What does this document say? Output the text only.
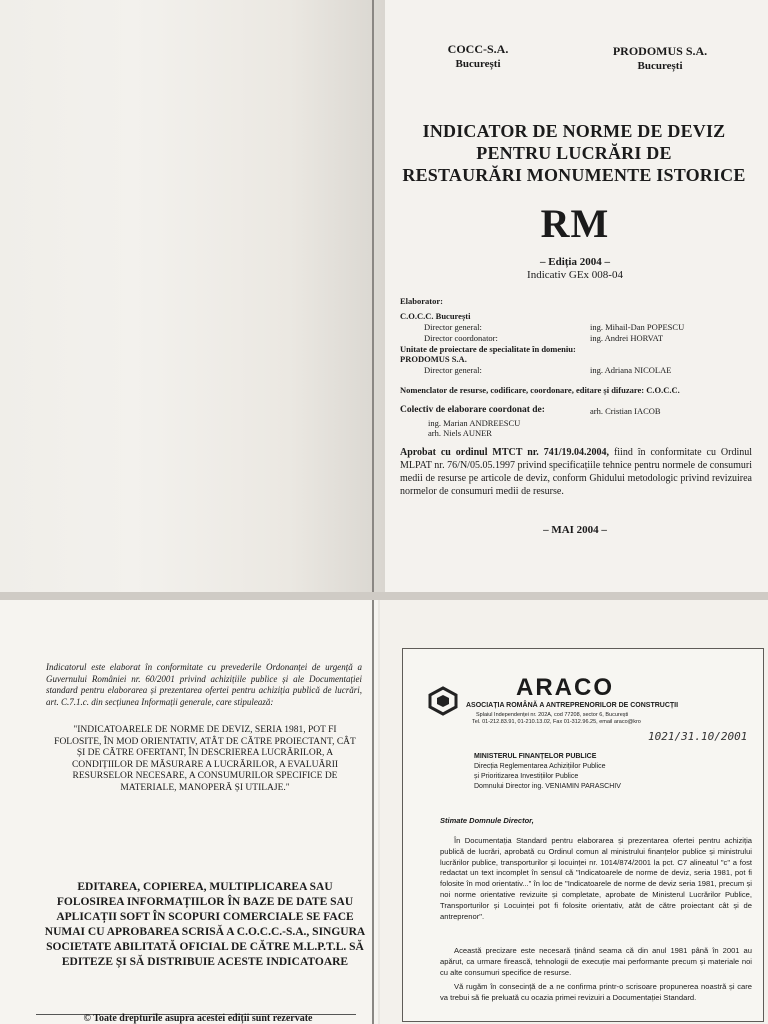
COCC-S.A.
București
PRODOMUS S.A.
București
INDICATOR DE NORME DE DEVIZ
PENTRU LUCRĂRI DE
RESTAURĂRI MONUMENTE ISTORICE
RM
– Ediția 2004 –
Indicativ GEx 008-04
Elaborator:
C.O.C.C. București
Director general:	ing. Mihail-Dan POPESCU
Director coordonator:	ing. Andrei HORVAT
Unitate de proiectare de specialitate în domeniu:
PRODOMUS S.A.
Director general:	ing. Adriana NICOLAE
Nomenclator de resurse, codificare, coordonare, editare și difuzare: C.O.C.C.
Colectiv de elaborare coordonat de:	arh. Cristian IACOB
ing. Marian ANDREESCU
arh. Niels AUNER
Aprobat cu ordinul MTCT nr. 741/19.04.2004, fiind în conformitate cu Ordinul MLPAT nr. 76/N/05.05.1997 privind specificațiile tehnice pentru normele de consumuri medii de resurse pe articole de deviz, conform Ghidului metodologic privind revizuirea normelor de consumuri medii de resurse.
– MAI 2004 –
Indicatorul este elaborat în conformitate cu prevederile Ordonanței de urgență a Guvernului României nr. 60/2001 privind achizițiile publice și ale Documentației standard pentru elaborarea și prezentarea ofertei pentru achiziția publică de lucrări, art. C.7.1.c. din secțiunea Informații generale, care stipulează:
"INDICATOARELE DE NORME DE DEVIZ, SERIA 1981, POT FI FOLOSITE, ÎN MOD ORIENTATIV, ATÂT DE CĂTRE PROIECTANT, CÂT ȘI DE CĂTRE OFERTANT, ÎN DESCRIEREA LUCRĂRILOR, A CONDIȚIILOR DE MĂSURARE A LUCRĂRILOR, A EVALUĂRII RESURSELOR NECESARE, A CONSUMURILOR SPECIFICE DE MATERIALE, MANOPERĂ ȘI UTILAJE."
EDITAREA, COPIEREA, MULTIPLICAREA SAU FOLOSIREA INFORMAȚIILOR ÎN BAZE DE DATE SAU APLICAȚII SOFT ÎN SCOPURI COMERCIALE SE FACE NUMAI CU APROBAREA SCRISĂ A C.O.C.C.-S.A., SINGURA SOCIETATE ABILITATĂ OFICIAL DE CĂTRE M.L.P.T.L. SĂ EDITEZE ȘI SĂ DISTRIBUIE ACESTE INDICATOARE
© Toate drepturile asupra acestei ediții sunt rezervate
ARACO
ASOCIAȚIA ROMÂNĂ A ANTREPRENORILOR DE CONSTRUCȚII
Splaiul Independenței nr. 202A, cod 77208, sector 6, București
Tel. 01-212.83.91, 01-210.13.02, Fax 01-312.96.25, email araco@kro
1021/31.10/2001
MINISTERUL FINANȚELOR PUBLICE
Direcția Reglementarea Achizițiilor Publice
și Prioritizarea Investițiilor Publice
Domnului Director ing. VENIAMIN PARASCHIV
Stimate Domnule Director,
În Documentația Standard pentru elaborarea și prezentarea ofertei pentru achiziția publică de lucrări, aprobată cu Ordinul comun al ministrului finanțelor publice și ministrului lucrărilor publice, transporturilor și locuinței nr. 1014/874/2001 la pct. C7 alineatul "c" a fost redactat un text incomplet în sensul că "Indicatoarele de norme de deviz, seria 1981, pot fi folosite în mod orientativ..." în loc de "Indicatoarele de norme de deviz seria 1981, precum și noi norme orientative revizuite și completate, aprobate de Ministerul Lucrărilor Publice, Transporturilor și Locuinței pot fi folosite orientativ, atât de către proiectant cât și de antreprenor".
Această precizare este necesară ținând seama că din anul 1981 până în 2001 au apărut, ca urmare firească, tehnologii de execuție mai performante precum și materiale noi cu alte consumuri specifice de resurse.
Vă rugăm în consecință de a ne confirma printr-o scrisoare propunerea noastră și care va trebui să fie preluată cu ocazia primei revizuiri a Documentației Standard.
